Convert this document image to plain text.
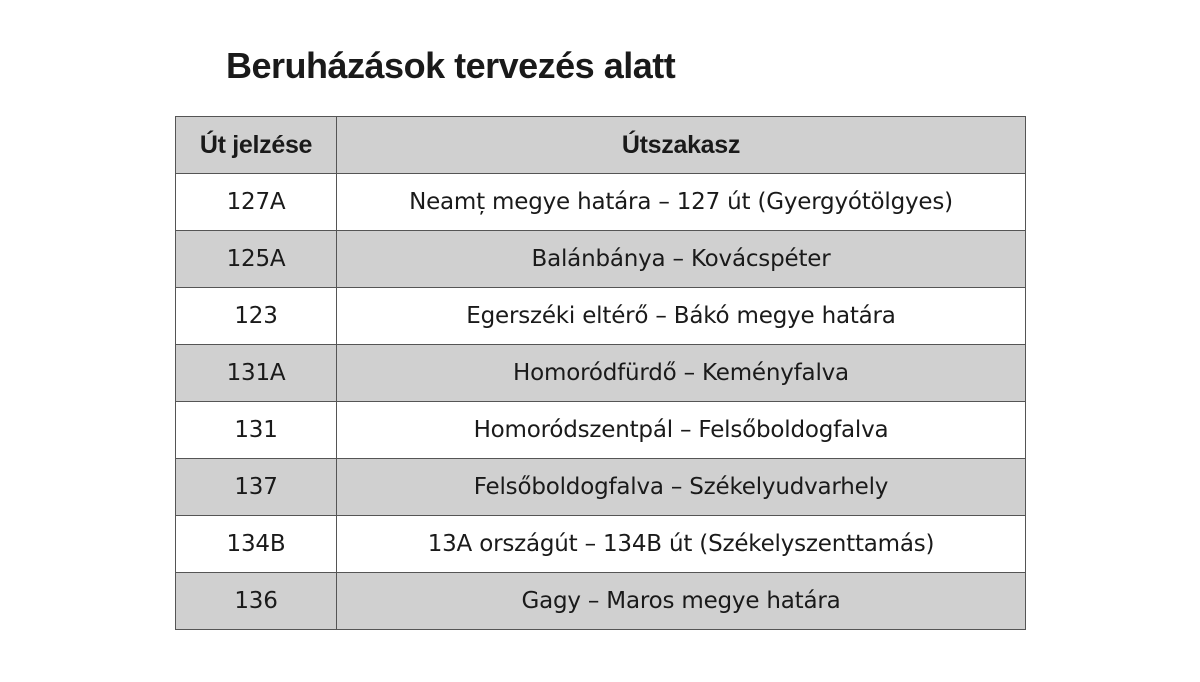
Beruházások tervezés alatt
Út jelzése	Útszakasz
127A	Neamț megye határa – 127 út (Gyergyótölgyes)
125A	Balánbánya – Kovácspéter
123	Egerszéki eltérő – Bákó megye határa
131A	Homoródfürdő – Keményfalva
131	Homoródszentpál – Felsőboldogfalva
137	Felsőboldogfalva – Székelyudvarhely
134B	13A országút – 134B út (Székelyszenttamás)
136	Gagy – Maros megye határa
